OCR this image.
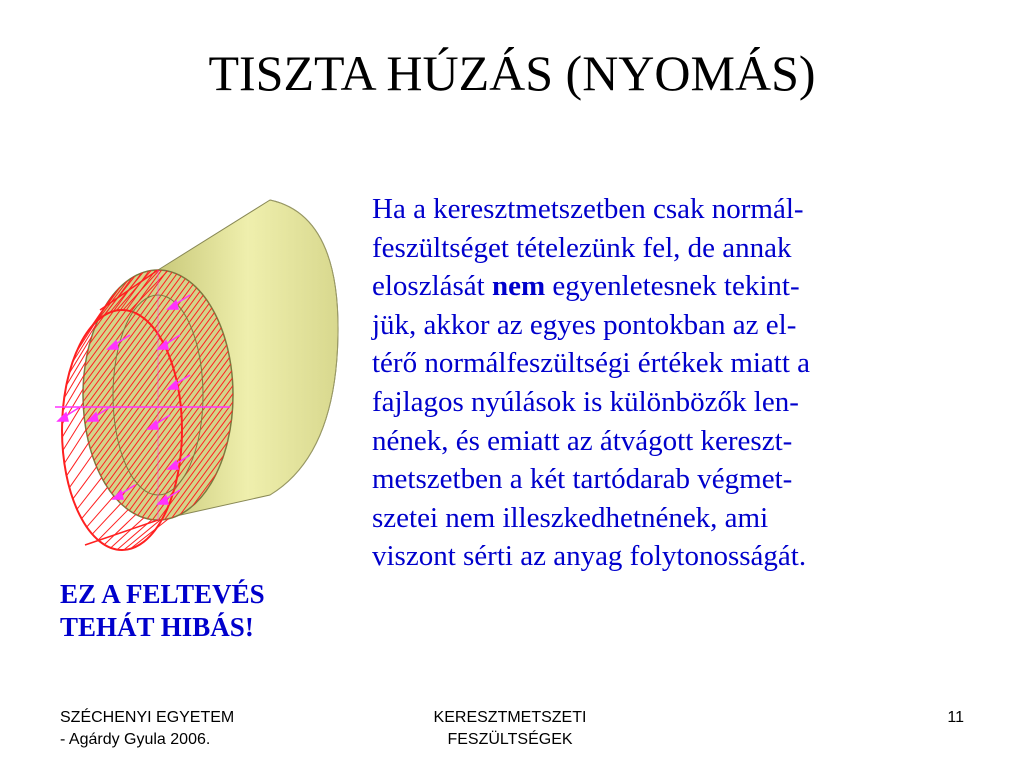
TISZTA HÚZÁS (NYOMÁS)
EZ A FELTEVÉS
TEHÁT HIBÁS!
Ha a keresztmetszetben csak normál-
feszültséget tételezünk fel, de annak
eloszlását nem egyenletesnek tekint-
jük, akkor az egyes pontokban az el-
térő normálfeszültségi értékek miatt a
fajlagos nyúlások is különbözők len-
nének, és emiatt az átvágott kereszt-
metszetben a két tartódarab végmet-
szetei nem illeszkedhetnének, ami
viszont sérti az anyag folytonosságát.
SZÉCHENYI EGYETEM
- Agárdy Gyula 2006.
KERESZTMETSZETI
FESZÜLTSÉGEK
11
